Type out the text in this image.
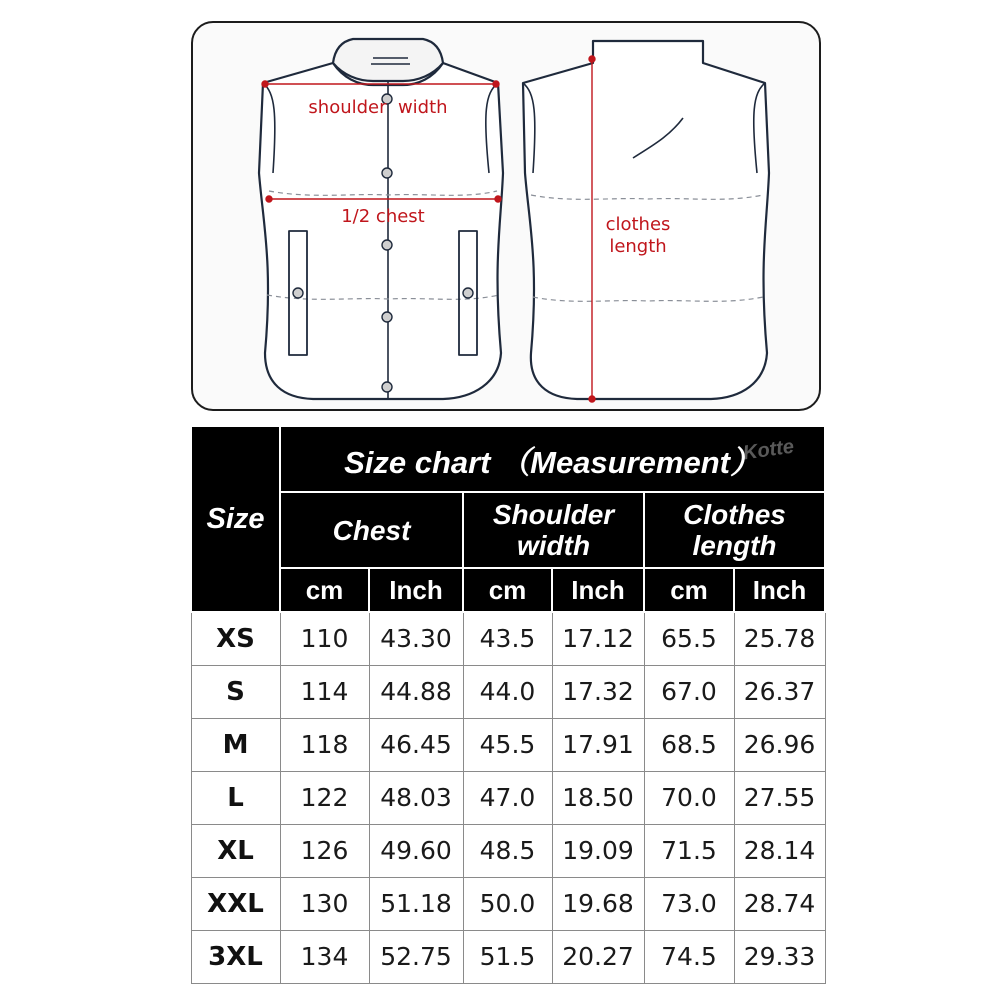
shoulder  width
1/2 chest	clothes
length
Size	Size chart （Measurement）
Kotte					

	Chest		Shoulder width		Clothes length	
	cm	Inch	cm	Inch	cm	Inch
XS	110	43.30	43.5	17.12	65.5	25.78
S	114	44.88	44.0	17.32	67.0	26.37
M	118	46.45	45.5	17.91	68.5	26.96
L	122	48.03	47.0	18.50	70.0	27.55
XL	126	49.60	48.5	19.09	71.5	28.14
XXL	130	51.18	50.0	19.68	73.0	28.74
3XL	134	52.75	51.5	20.27	74.5	29.33
